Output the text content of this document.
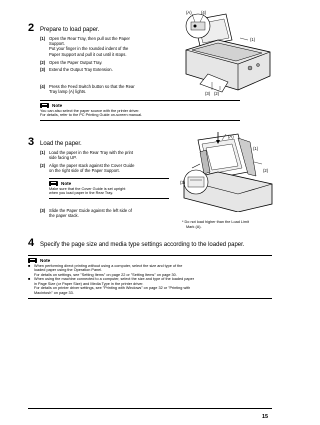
2 Prepare to load paper.
(1) Open the Rear Tray, then pull out the Paper
Support.
Put your finger in the rounded indent of the
Paper Support and pull it out until it stops.
(2) Open the Paper Output Tray.
(3) Extend the Output Tray Extension.
(4) Press the Feed Switch button so that the Rear
Tray lamp (A) lights.
Note
You can also select the paper source with the printer driver.
For details, refer to the PC Printing Guide on-screen manual.
(A) (4)
(1)
(3) (2)
3 Load the paper.
(1) Load the paper in the Rear Tray with the print
side facing UP.
(2) Align the paper stack against the Cover Guide
on the right side of the Paper Support.
Note
Make sure that the Cover Guide is set upright
when you load paper in the Rear Tray.
(3) Slide the Paper Guide against the left side of
the paper stack.
(A)
(1)
(2)
(3)
* Do not load higher than the Load Limit
Mark (A).
4 Specify the page size and media type settings according to the loaded paper.
Note
■ When performing direct printing without using a computer, select the size and type of the
loaded paper using the Operation Panel.
For details on settings, see "Setting Items" on page 22 or "Setting Items" on page 30.
■ When using the machine connected to a computer, select the size and type of the loaded paper
in Page Size (or Paper Size) and Media Type in the printer driver.
For details on printer driver settings, see "Printing with Windows" on page 32 or "Printing with
Macintosh" on page 33.
15
